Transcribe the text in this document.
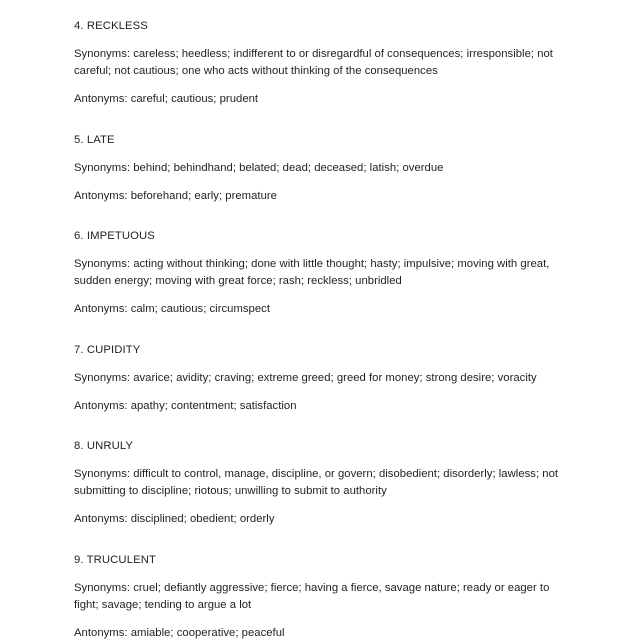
4. RECKLESS

Synonyms: careless; heedless; indifferent to or disregardful of consequences; irresponsible; not careful; not cautious; one who acts without thinking of the consequences

Antonyms: careful; cautious; prudent

5. LATE

Synonyms: behind; behindhand; belated; dead; deceased; latish; overdue

Antonyms: beforehand; early; premature

6. IMPETUOUS

Synonyms: acting without thinking; done with little thought; hasty; impulsive; moving with great, sudden energy; moving with great force; rash; reckless; unbridled

Antonyms: calm; cautious; circumspect

7. CUPIDITY

Synonyms: avarice; avidity; craving; extreme greed; greed for money; strong desire; voracity

Antonyms: apathy; contentment; satisfaction

8. UNRULY

Synonyms: difficult to control, manage, discipline, or govern; disobedient; disorderly; lawless; not submitting to discipline; riotous; unwilling to submit to authority

Antonyms: disciplined; obedient; orderly

9. TRUCULENT

Synonyms: cruel; defiantly aggressive; fierce; having a fierce, savage nature; ready or eager to fight; savage; tending to argue a lot

Antonyms: amiable; cooperative; peaceful
